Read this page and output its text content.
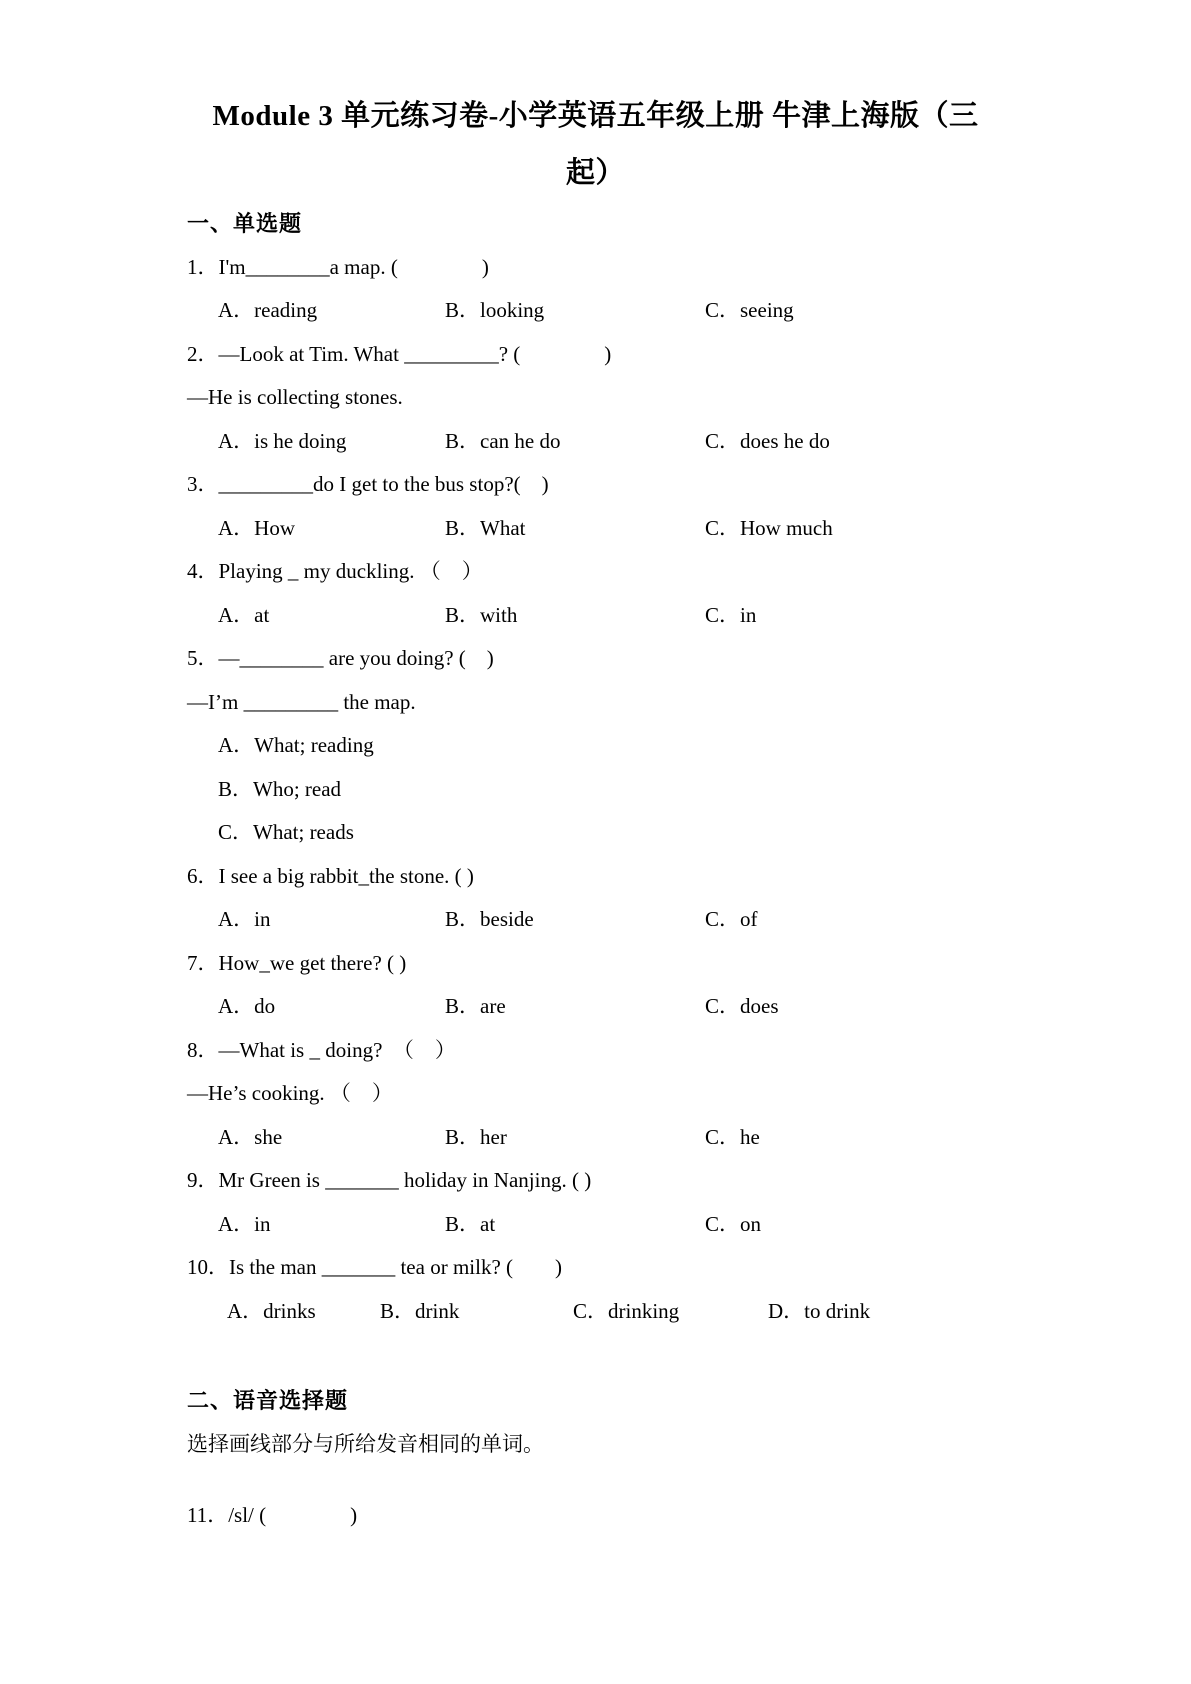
Module 3 单元练习卷-小学英语五年级上册 牛津上海版（三
起）
一、单选题

1．I'm________a map. (　　　　)

A．reading	B．looking	C．seeing

2．—Look at Tim. What _________? (　　　　)

—He is collecting stones.

A．is he doing	B．can he do	C．does he do

3．_________do I get to the bus stop?(　)

A．How	B．What	C．How much

4．Playing _ my duckling. （　）

A．at	B．with	C．in

5．—________ are you doing? (　)

—I’m _________ the map.

A．What; reading

B．Who; read

C．What; reads

6．I see a big rabbit_the stone. ( )

A．in	B．beside	C．of

7．How_we get there? ( )

A．do	B．are	C．does

8．—What is _ doing?　（　）

—He’s cooking. （　）

A．she	B．her	C．he

9．Mr Green is _______ holiday in Nanjing. ( )

A．in	B．at	C．on

10．Is the man _______ tea or milk? (　　)

A．drinks	B．drink	C．drinking	D．to drink
二、语音选择题

选择画线部分与所给发音相同的单词。

11．/sl/ (　　　　)
